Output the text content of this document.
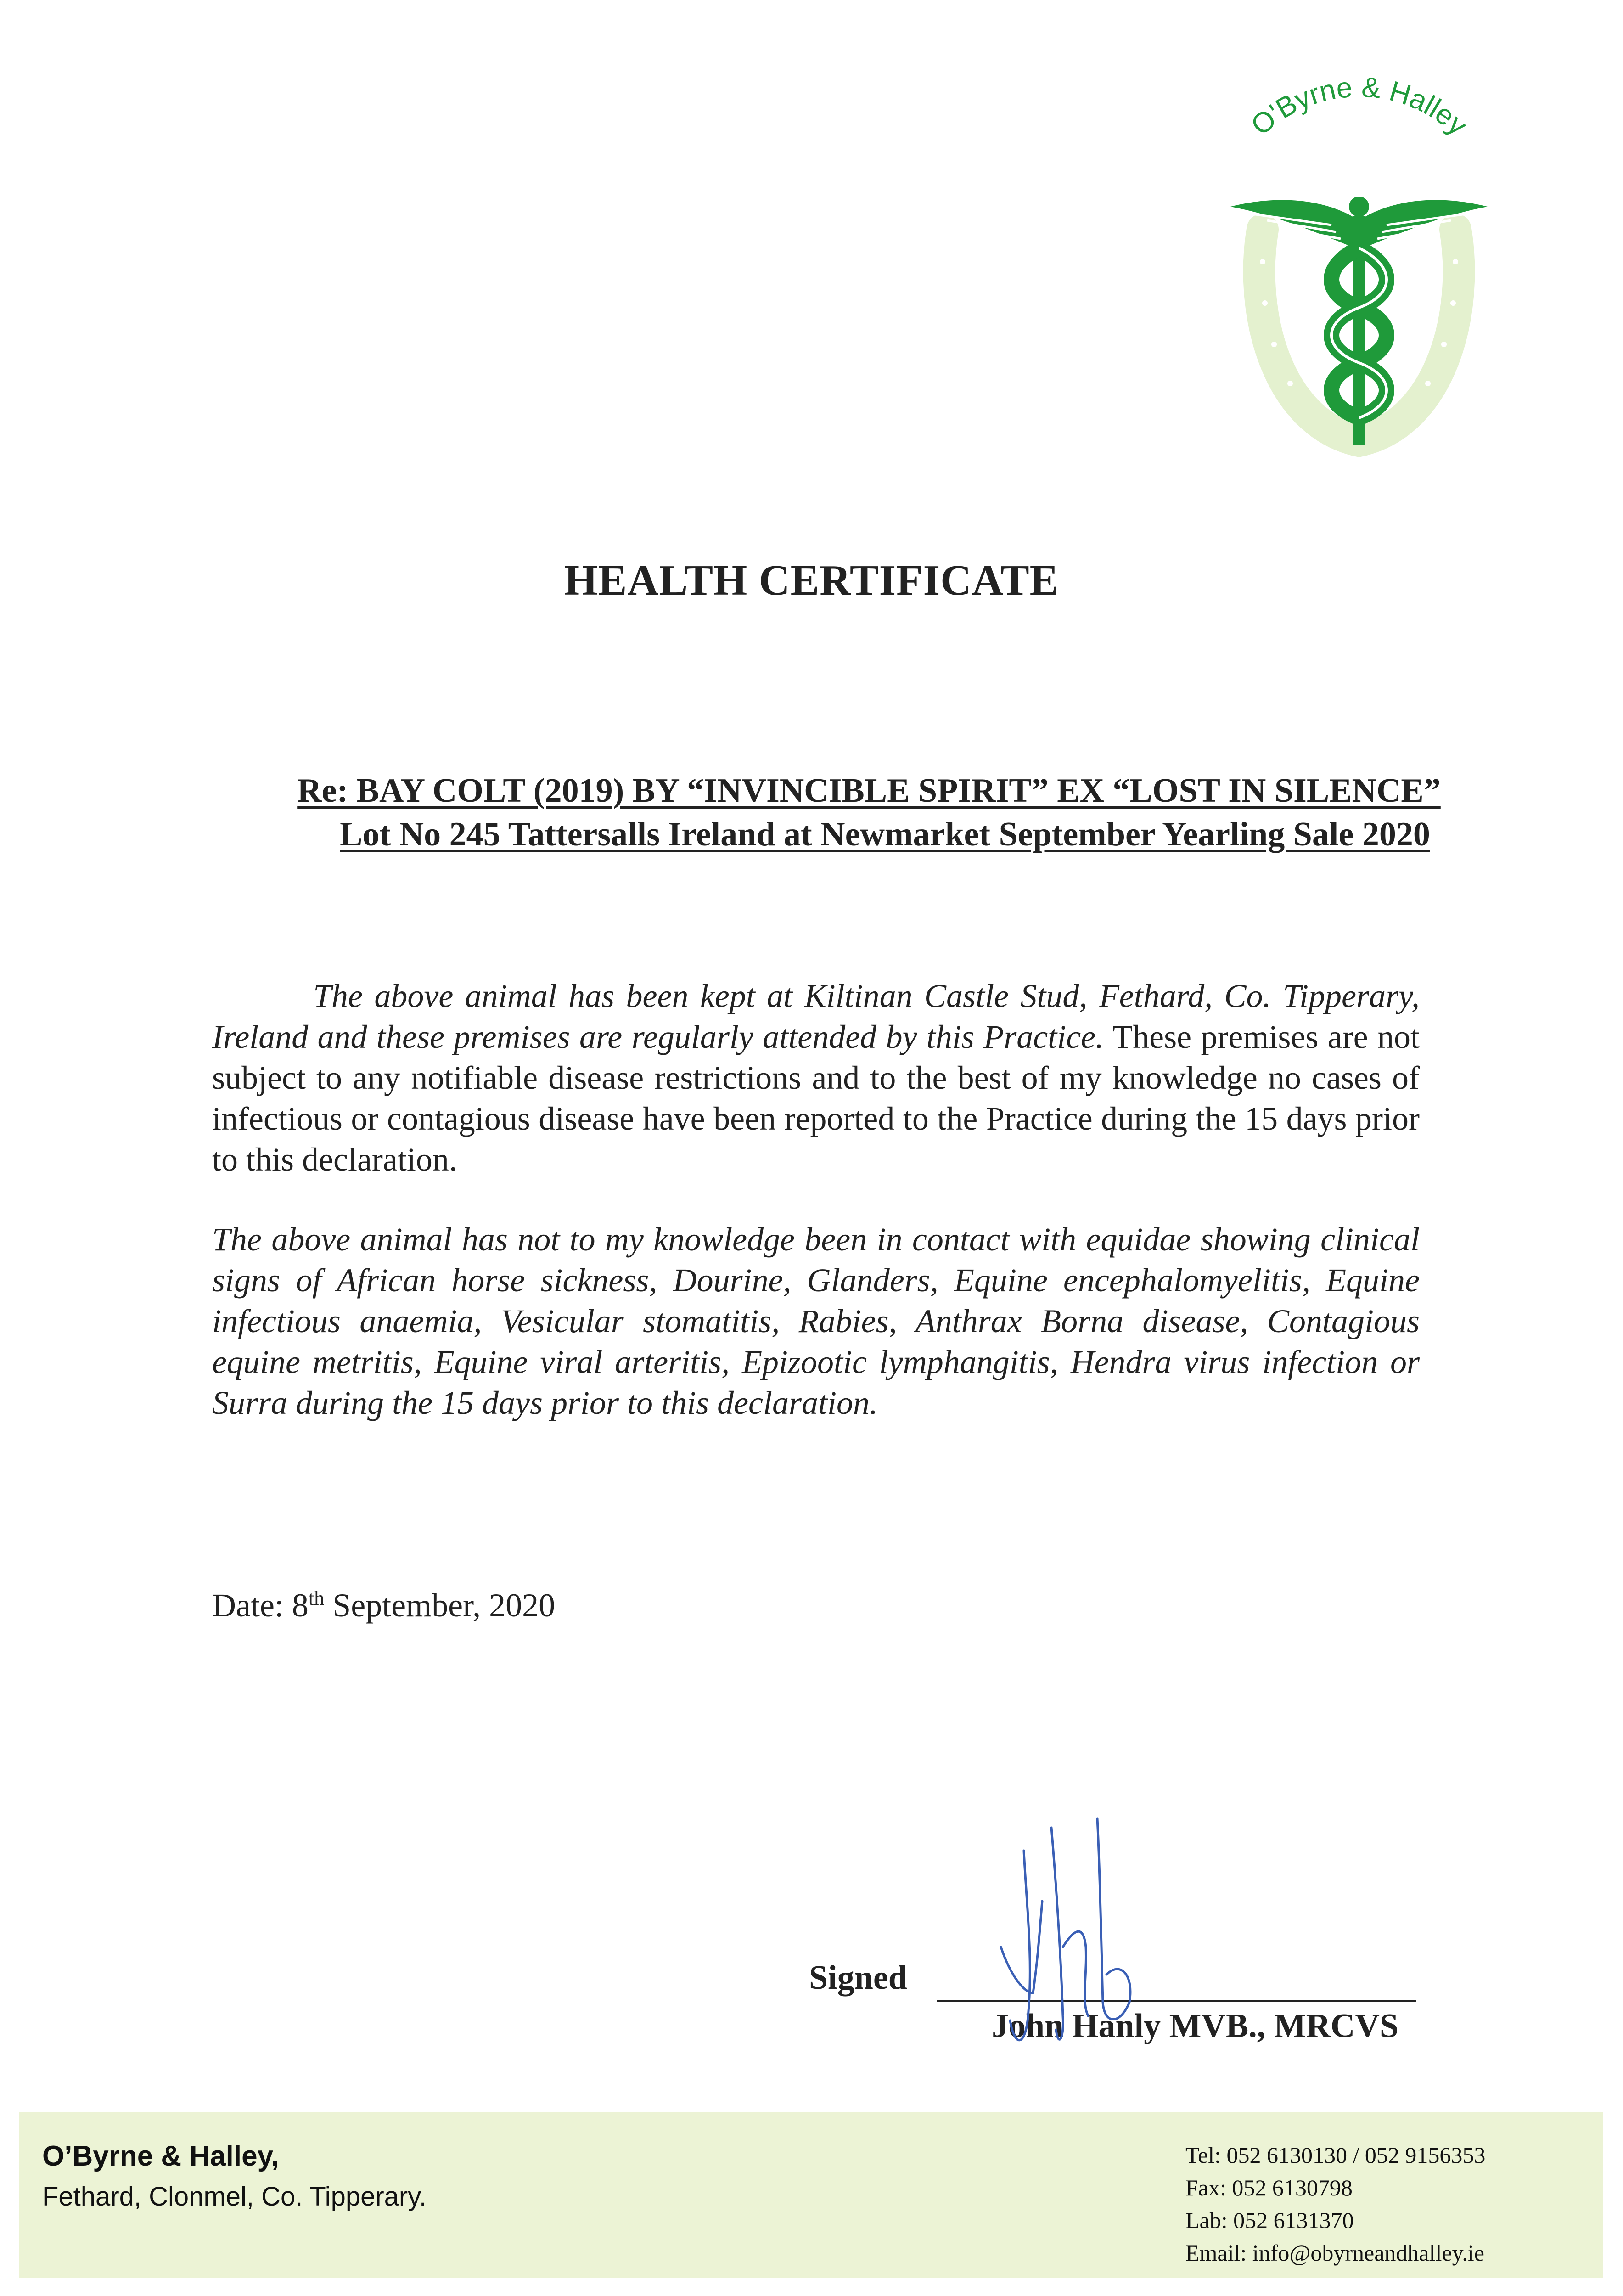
O'Byrne & Halley
HEALTH CERTIFICATE
Re: BAY COLT (2019) BY “INVINCIBLE SPIRIT” EX “LOST IN SILENCE”
Lot No 245 Tattersalls Ireland at Newmarket September Yearling Sale 2020
The above animal has been kept at Kiltinan Castle Stud, Fethard, Co. Tipperary, Ireland and these premises are regularly attended by this Practice. These premises are not subject to any notifiable disease restrictions and to the best of my knowledge no cases of infectious or contagious disease have been reported to the Practice during the 15 days prior to this declaration.
The above animal has not to my knowledge been in contact with equidae showing clinical signs of African horse sickness, Dourine, Glanders, Equine encephalomyelitis, Equine infectious anaemia, Vesicular stomatitis, Rabies, Anthrax Borna disease, Contagious equine metritis, Equine viral arteritis, Epizootic lymphangitis, Hendra virus infection or Surra during the 15 days prior to this declaration.
Date: 8th September, 2020
Signed
John Hanly MVB., MRCVS
O’Byrne & Halley,
Fethard, Clonmel, Co. Tipperary.
Tel: 052 6130130 / 052 9156353
Fax: 052 6130798
Lab: 052 6131370
Email: info@obyrneandhalley.ie
